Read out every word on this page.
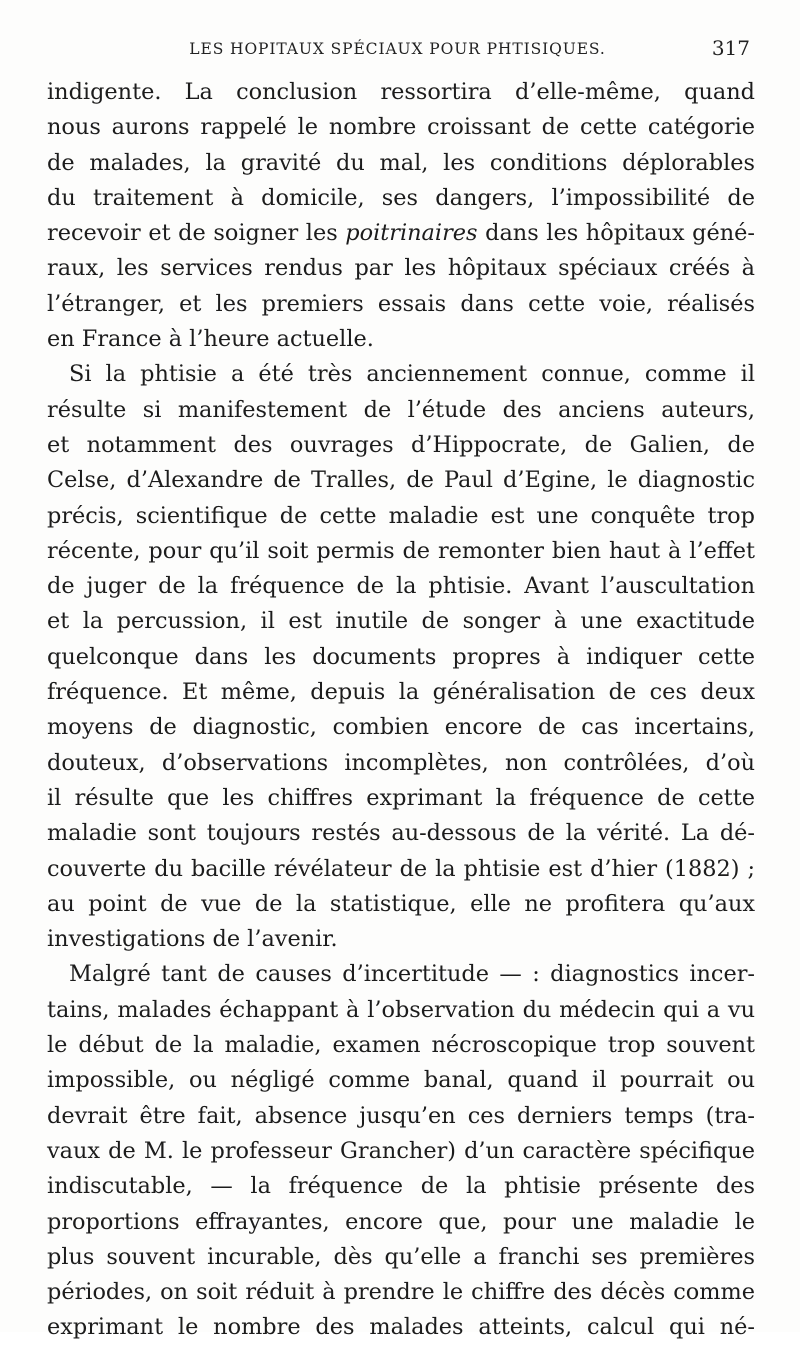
LES HOPITAUX SPÉCIAUX POUR PHTISIQUES.	317
indigente. La conclusion ressortira d’elle-même, quand
nous aurons rappelé le nombre croissant de cette catégorie
de malades, la gravité du mal, les conditions déplorables
du traitement à domicile, ses dangers, l’impossibilité de
recevoir et de soigner les poitrinaires dans les hôpitaux géné-
raux, les services rendus par les hôpitaux spéciaux créés à
l’étranger, et les premiers essais dans cette voie, réalisés
en France à l’heure actuelle.
Si la phtisie a été très anciennement connue, comme il
résulte si manifestement de l’étude des anciens auteurs,
et notamment des ouvrages d’Hippocrate, de Galien, de
Celse, d’Alexandre de Tralles, de Paul d’Egine, le diagnostic
précis, scientifique de cette maladie est une conquête trop
récente, pour qu’il soit permis de remonter bien haut à l’effet
de juger de la fréquence de la phtisie. Avant l’auscultation
et la percussion, il est inutile de songer à une exactitude
quelconque dans les documents propres à indiquer cette
fréquence. Et même, depuis la généralisation de ces deux
moyens de diagnostic, combien encore de cas incertains,
douteux, d’observations incomplètes, non contrôlées, d’où
il résulte que les chiffres exprimant la fréquence de cette
maladie sont toujours restés au-dessous de la vérité. La dé-
couverte du bacille révélateur de la phtisie est d’hier (1882) ;
au point de vue de la statistique, elle ne profitera qu’aux
investigations de l’avenir.
Malgré tant de causes d’incertitude — : diagnostics incer-
tains, malades échappant à l’observation du médecin qui a vu
le début de la maladie, examen nécroscopique trop souvent
impossible, ou négligé comme banal, quand il pourrait ou
devrait être fait, absence jusqu’en ces derniers temps (tra-
vaux de M. le professeur Grancher) d’un caractère spécifique
indiscutable, — la fréquence de la phtisie présente des
proportions effrayantes, encore que, pour une maladie le
plus souvent incurable, dès qu’elle a franchi ses premières
périodes, on soit réduit à prendre le chiffre des décès comme
exprimant le nombre des malades atteints, calcul qui né-
